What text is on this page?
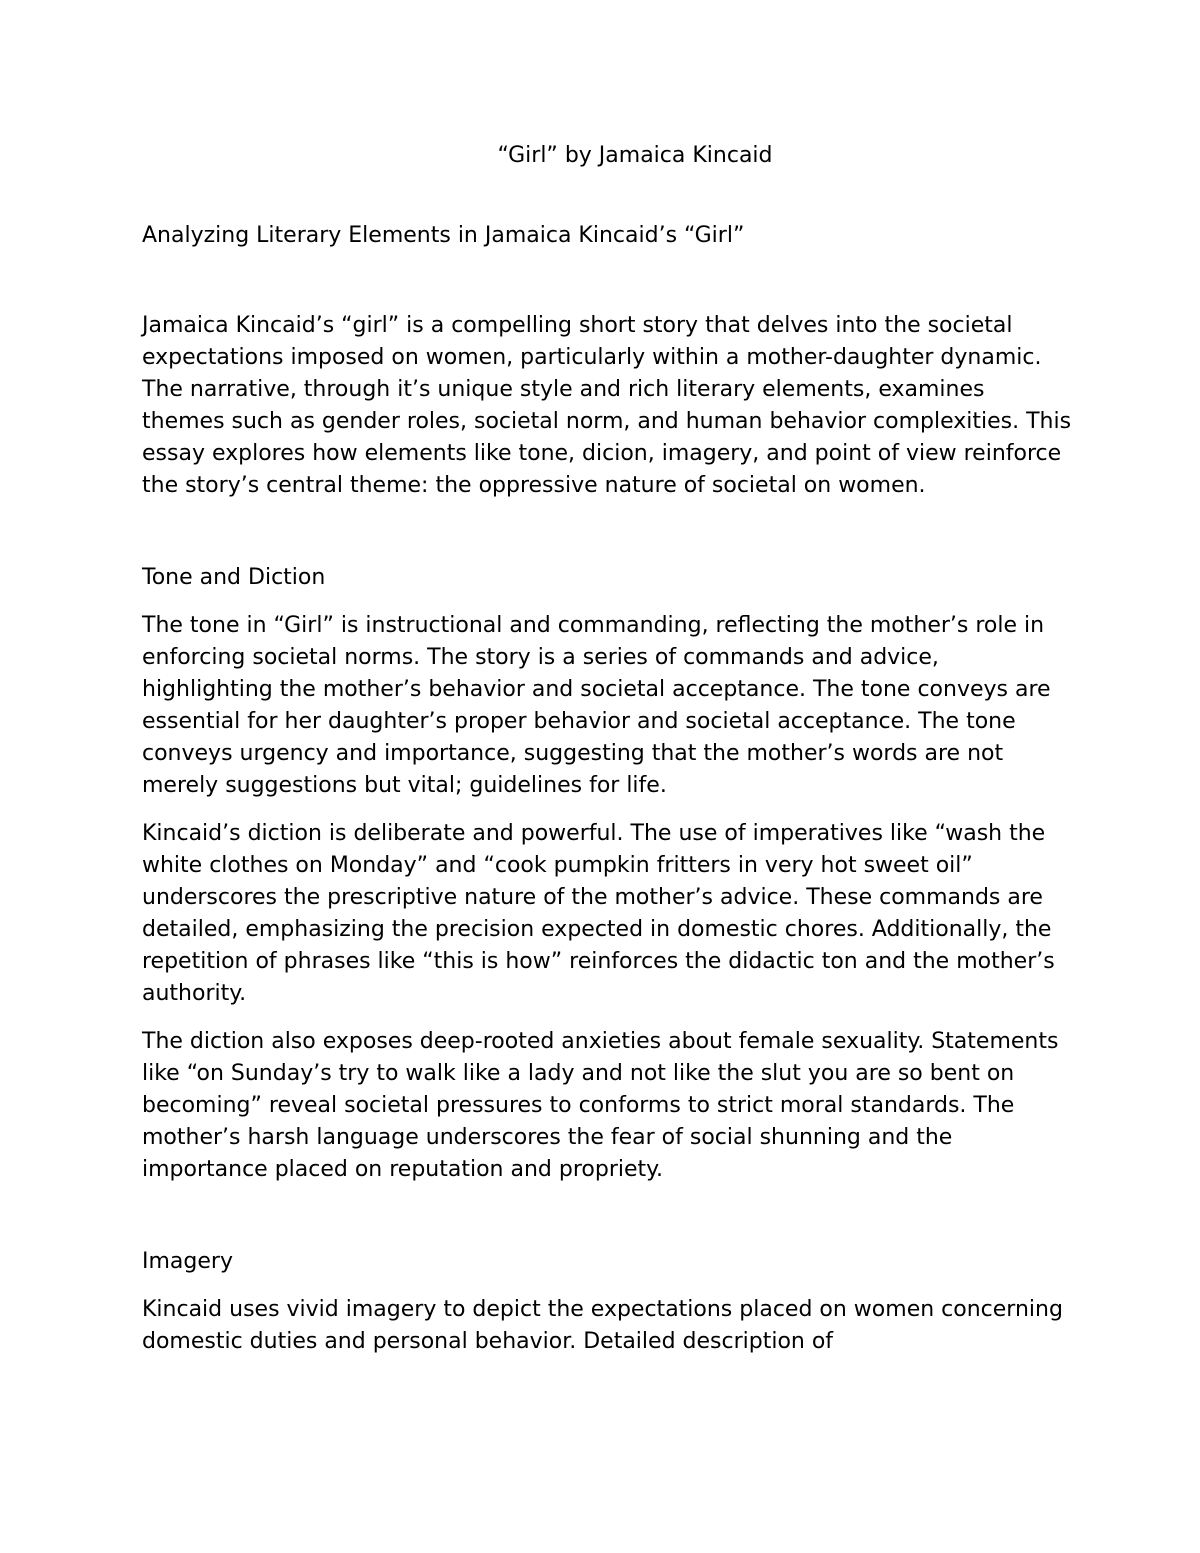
“Girl” by Jamaica Kincaid
Analyzing Literary Elements in Jamaica Kincaid’s “Girl”

Jamaica Kincaid’s “girl” is a compelling short story that delves into the societal expectations imposed on women, particularly within a mother-daughter dynamic. The narrative, through it’s unique style and rich literary elements, examines themes such as gender roles, societal norm, and human behavior complexities. This essay explores how elements like tone, dicion, imagery, and point of view reinforce the story’s central theme: the oppressive nature of societal on women.

Tone and Diction

The tone in “Girl” is instructional and commanding, reflecting the mother’s role in enforcing societal norms. The story is a series of commands and advice, highlighting the mother’s behavior and societal acceptance. The tone conveys are essential for her daughter’s proper behavior and societal acceptance. The tone conveys urgency and importance, suggesting that the mother’s words are not merely suggestions but vital; guidelines for life.

Kincaid’s diction is deliberate and powerful. The use of imperatives like “wash the white clothes on Monday” and “cook pumpkin fritters in very hot sweet oil” underscores the prescriptive nature of the mother’s advice. These commands are detailed, emphasizing the precision expected in domestic chores. Additionally, the repetition of phrases like “this is how” reinforces the didactic ton and the mother’s authority.

The diction also exposes deep-rooted anxieties about female sexuality. Statements like “on Sunday’s try to walk like a lady and not like the slut you are so bent on becoming” reveal societal pressures to conforms to strict moral standards. The mother’s harsh language underscores the fear of social shunning and the importance placed on reputation and propriety.

Imagery

Kincaid uses vivid imagery to depict the expectations placed on women concerning domestic duties and personal behavior. Detailed description of
